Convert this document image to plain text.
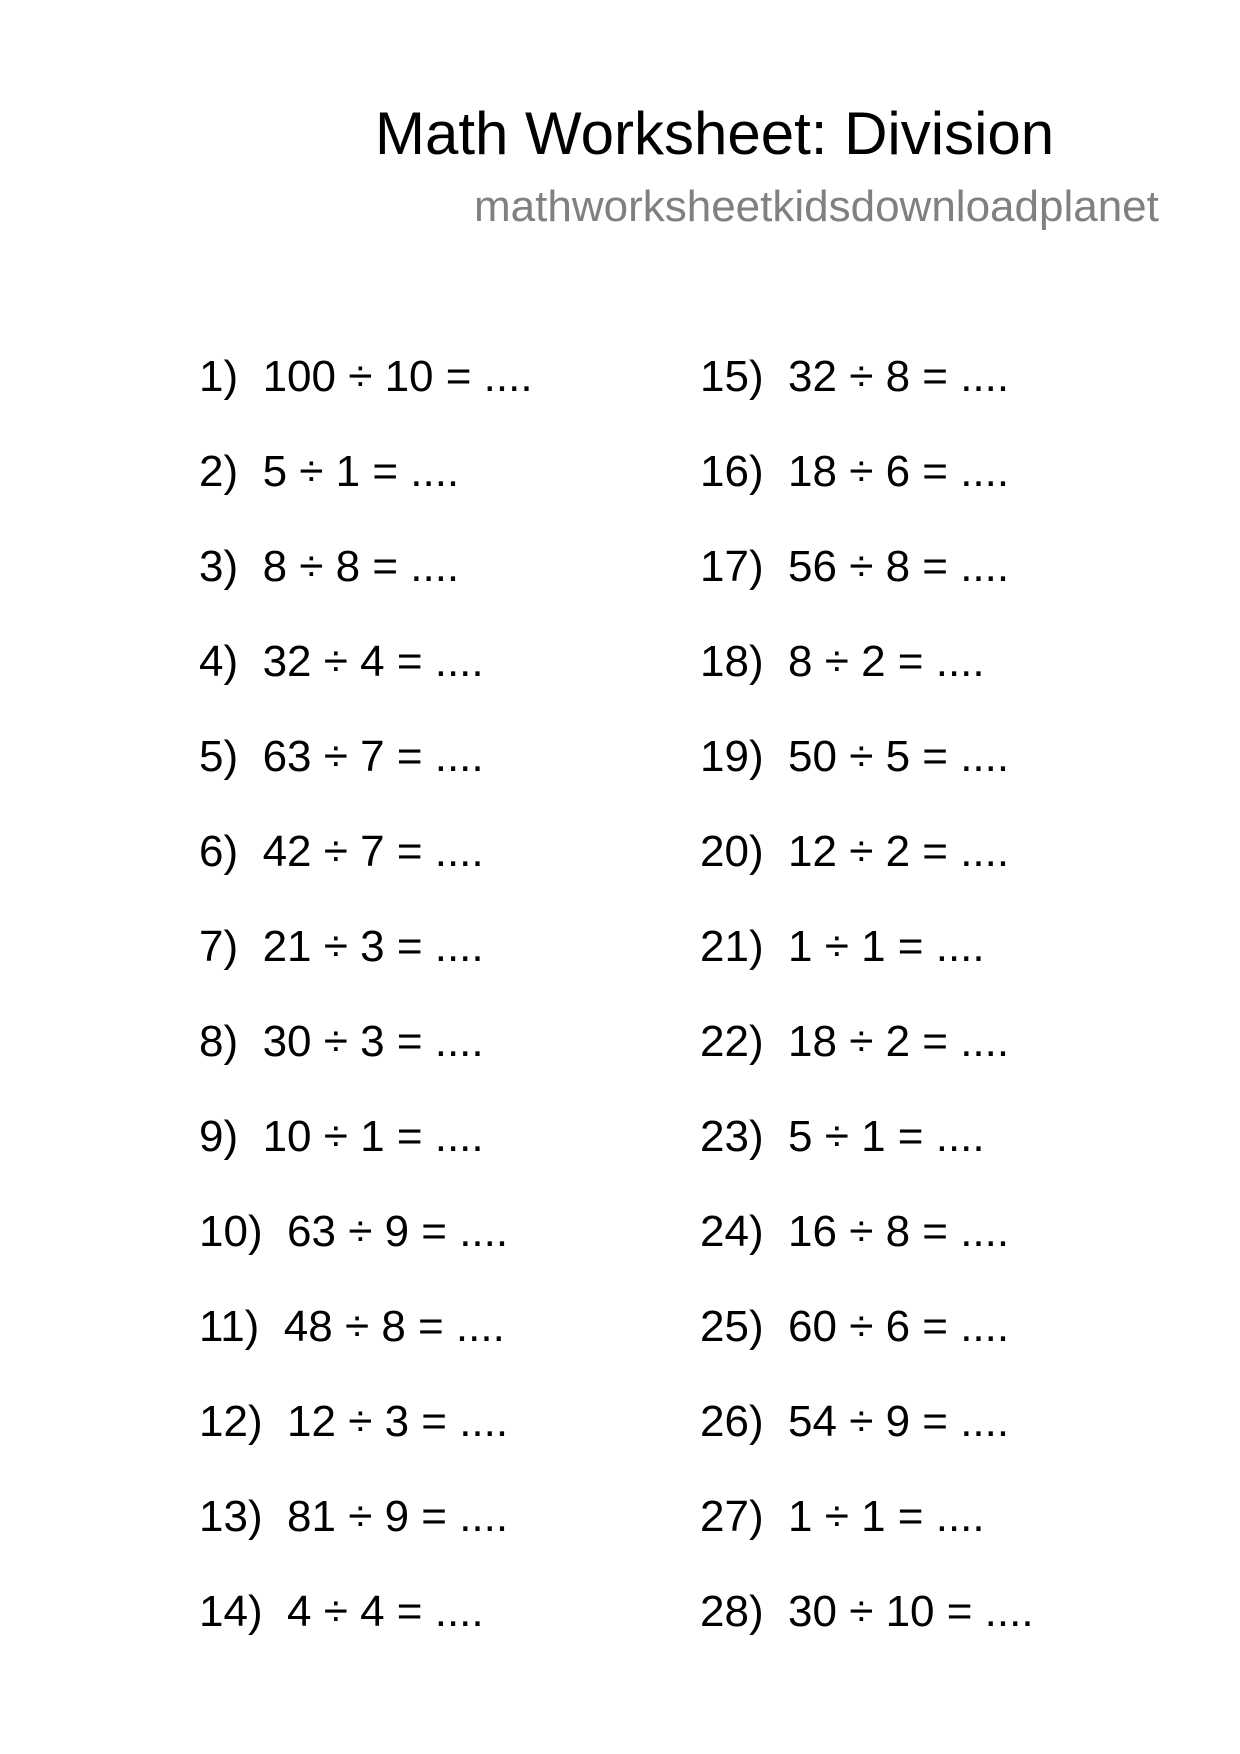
Math Worksheet: Division
mathworksheetkidsdownloadplanet
1) 100 ÷ 10 = ....
2) 5 ÷ 1 = ....
3) 8 ÷ 8 = ....
4) 32 ÷ 4 = ....
5) 63 ÷ 7 = ....
6) 42 ÷ 7 = ....
7) 21 ÷ 3 = ....
8) 30 ÷ 3 = ....
9) 10 ÷ 1 = ....
10) 63 ÷ 9 = ....
11) 48 ÷ 8 = ....
12) 12 ÷ 3 = ....
13) 81 ÷ 9 = ....
14) 4 ÷ 4 = ....
15) 32 ÷ 8 = ....
16) 18 ÷ 6 = ....
17) 56 ÷ 8 = ....
18) 8 ÷ 2 = ....
19) 50 ÷ 5 = ....
20) 12 ÷ 2 = ....
21) 1 ÷ 1 = ....
22) 18 ÷ 2 = ....
23) 5 ÷ 1 = ....
24) 16 ÷ 8 = ....
25) 60 ÷ 6 = ....
26) 54 ÷ 9 = ....
27) 1 ÷ 1 = ....
28) 30 ÷ 10 = ....
